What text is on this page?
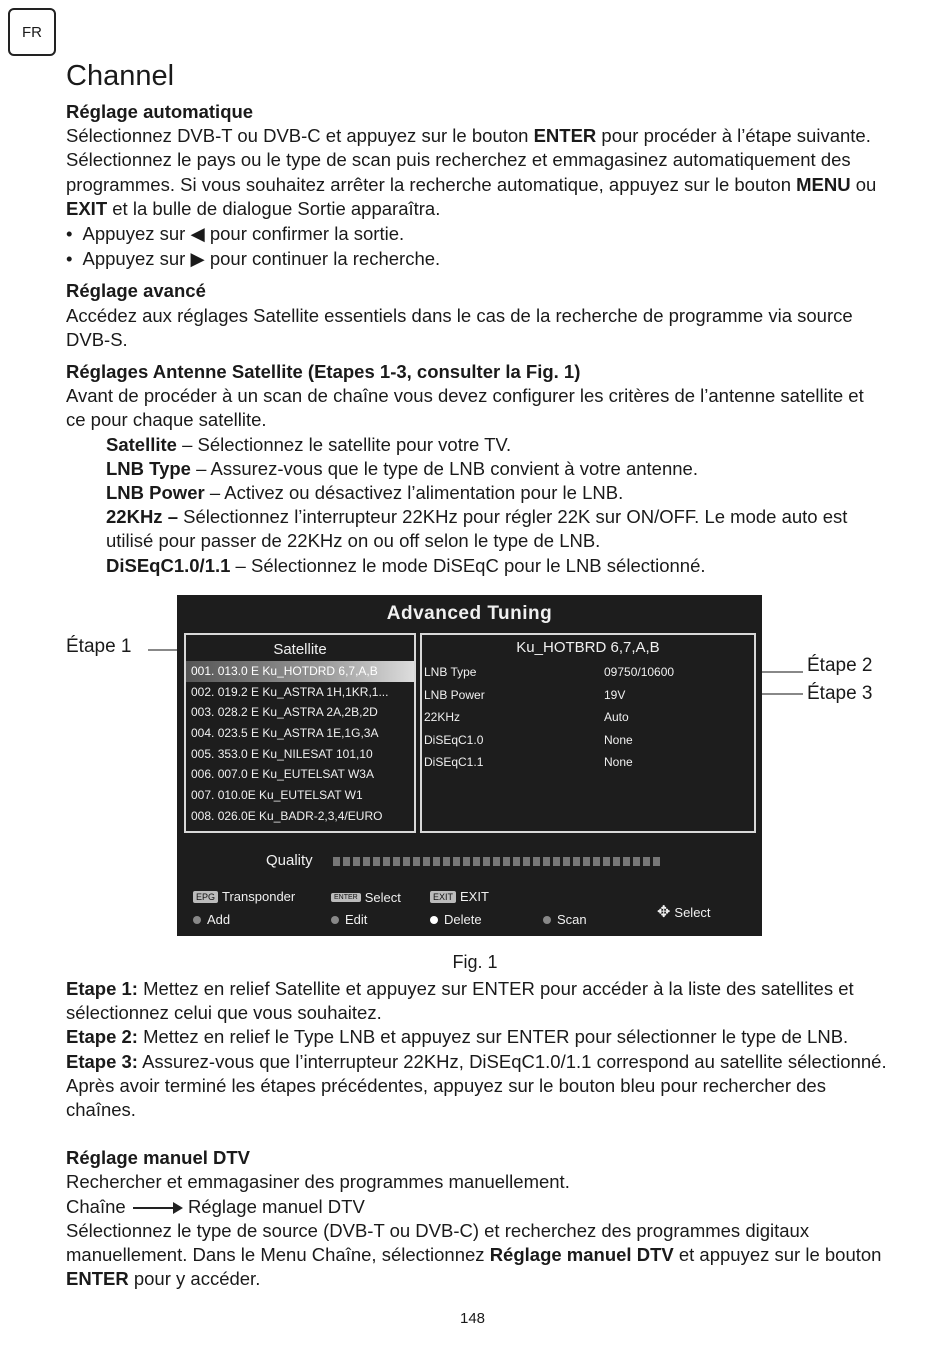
FR
Channel

Réglage automatique

Sélectionnez DVB-T ou DVB-C et appuyez sur le bouton ENTER pour procéder à l’étape suivante. Sélectionnez le pays ou le type de scan puis recherchez et emmagasinez automatiquement des programmes. Si vous souhaitez arrêter la recherche automatique, appuyez sur le bouton MENU ou EXIT et la bulle de dialogue Sortie apparaîtra.

• Appuyez sur ◀ pour confirmer la sortie.
• Appuyez sur ▶ pour continuer la recherche.

Réglage avancé

Accédez aux réglages Satellite essentiels dans le cas de la recherche de programme via source DVB-S.

Réglages Antenne Satellite (Etapes 1-3, consulter la Fig. 1)

Avant de procéder à un scan de chaîne vous devez configurer les critères de l’antenne satellite et ce pour chaque satellite.

Satellite – Sélectionnez le satellite pour votre TV.

LNB Type – Assurez-vous que le type de LNB convient à votre antenne.

LNB Power – Activez ou désactivez l’alimentation pour le LNB.

22KHz – Sélectionnez l’interrupteur 22KHz pour régler 22K sur ON/OFF. Le mode auto est utilisé pour passer de 22KHz on ou off selon le type de LNB.

DiSEqC1.0/1.1 – Sélectionnez le mode DiSEqC pour le LNB sélectionné.

Étape 1
Étape 2
Étape 3
Advanced Tuning
Satellite
001. 013.0 E Ku_HOTDRD 6,7,A,B
002. 019.2 E Ku_ASTRA 1H,1KR,1...
003. 028.2 E Ku_ASTRA 2A,2B,2D
004. 023.5 E Ku_ASTRA 1E,1G,3A
005. 353.0 E Ku_NILESAT 101,10
006. 007.0 E Ku_EUTELSAT W3A
007. 010.0E Ku_EUTELSAT W1
008. 026.0E Ku_BADR-2,3,4/EURO
Ku_HOTBRD 6,7,A,B
LNB Type	09750/10600
LNB Power	19V
22KHz	Auto
DiSEqC1.0	None
DiSEqC1.1	None
Quality
EPG Transponder	ENTER Select	EXIT EXIT
Add	Edit	Delete	Scan	✥ Select
Fig. 1

Etape 1: Mettez en relief Satellite et appuyez sur ENTER pour accéder à la liste des satellites et sélectionnez celui que vous souhaitez.

Etape 2: Mettez en relief le Type LNB et appuyez sur ENTER pour sélectionner le type de LNB.

Etape 3: Assurez-vous que l’interrupteur 22KHz, DiSEqC1.0/1.1 correspond au satellite sélectionné. Après avoir terminé les étapes précédentes, appuyez sur le bouton bleu pour rechercher des chaînes.

Réglage manuel DTV

Rechercher et emmagasiner des programmes manuellement.

Chaîne	Réglage manuel DTV

Sélectionnez le type de source (DVB-T ou DVB-C) et recherchez des programmes digitaux manuellement. Dans le Menu Chaîne, sélectionnez Réglage manuel DTV et appuyez sur le bouton ENTER pour y accéder.

148
